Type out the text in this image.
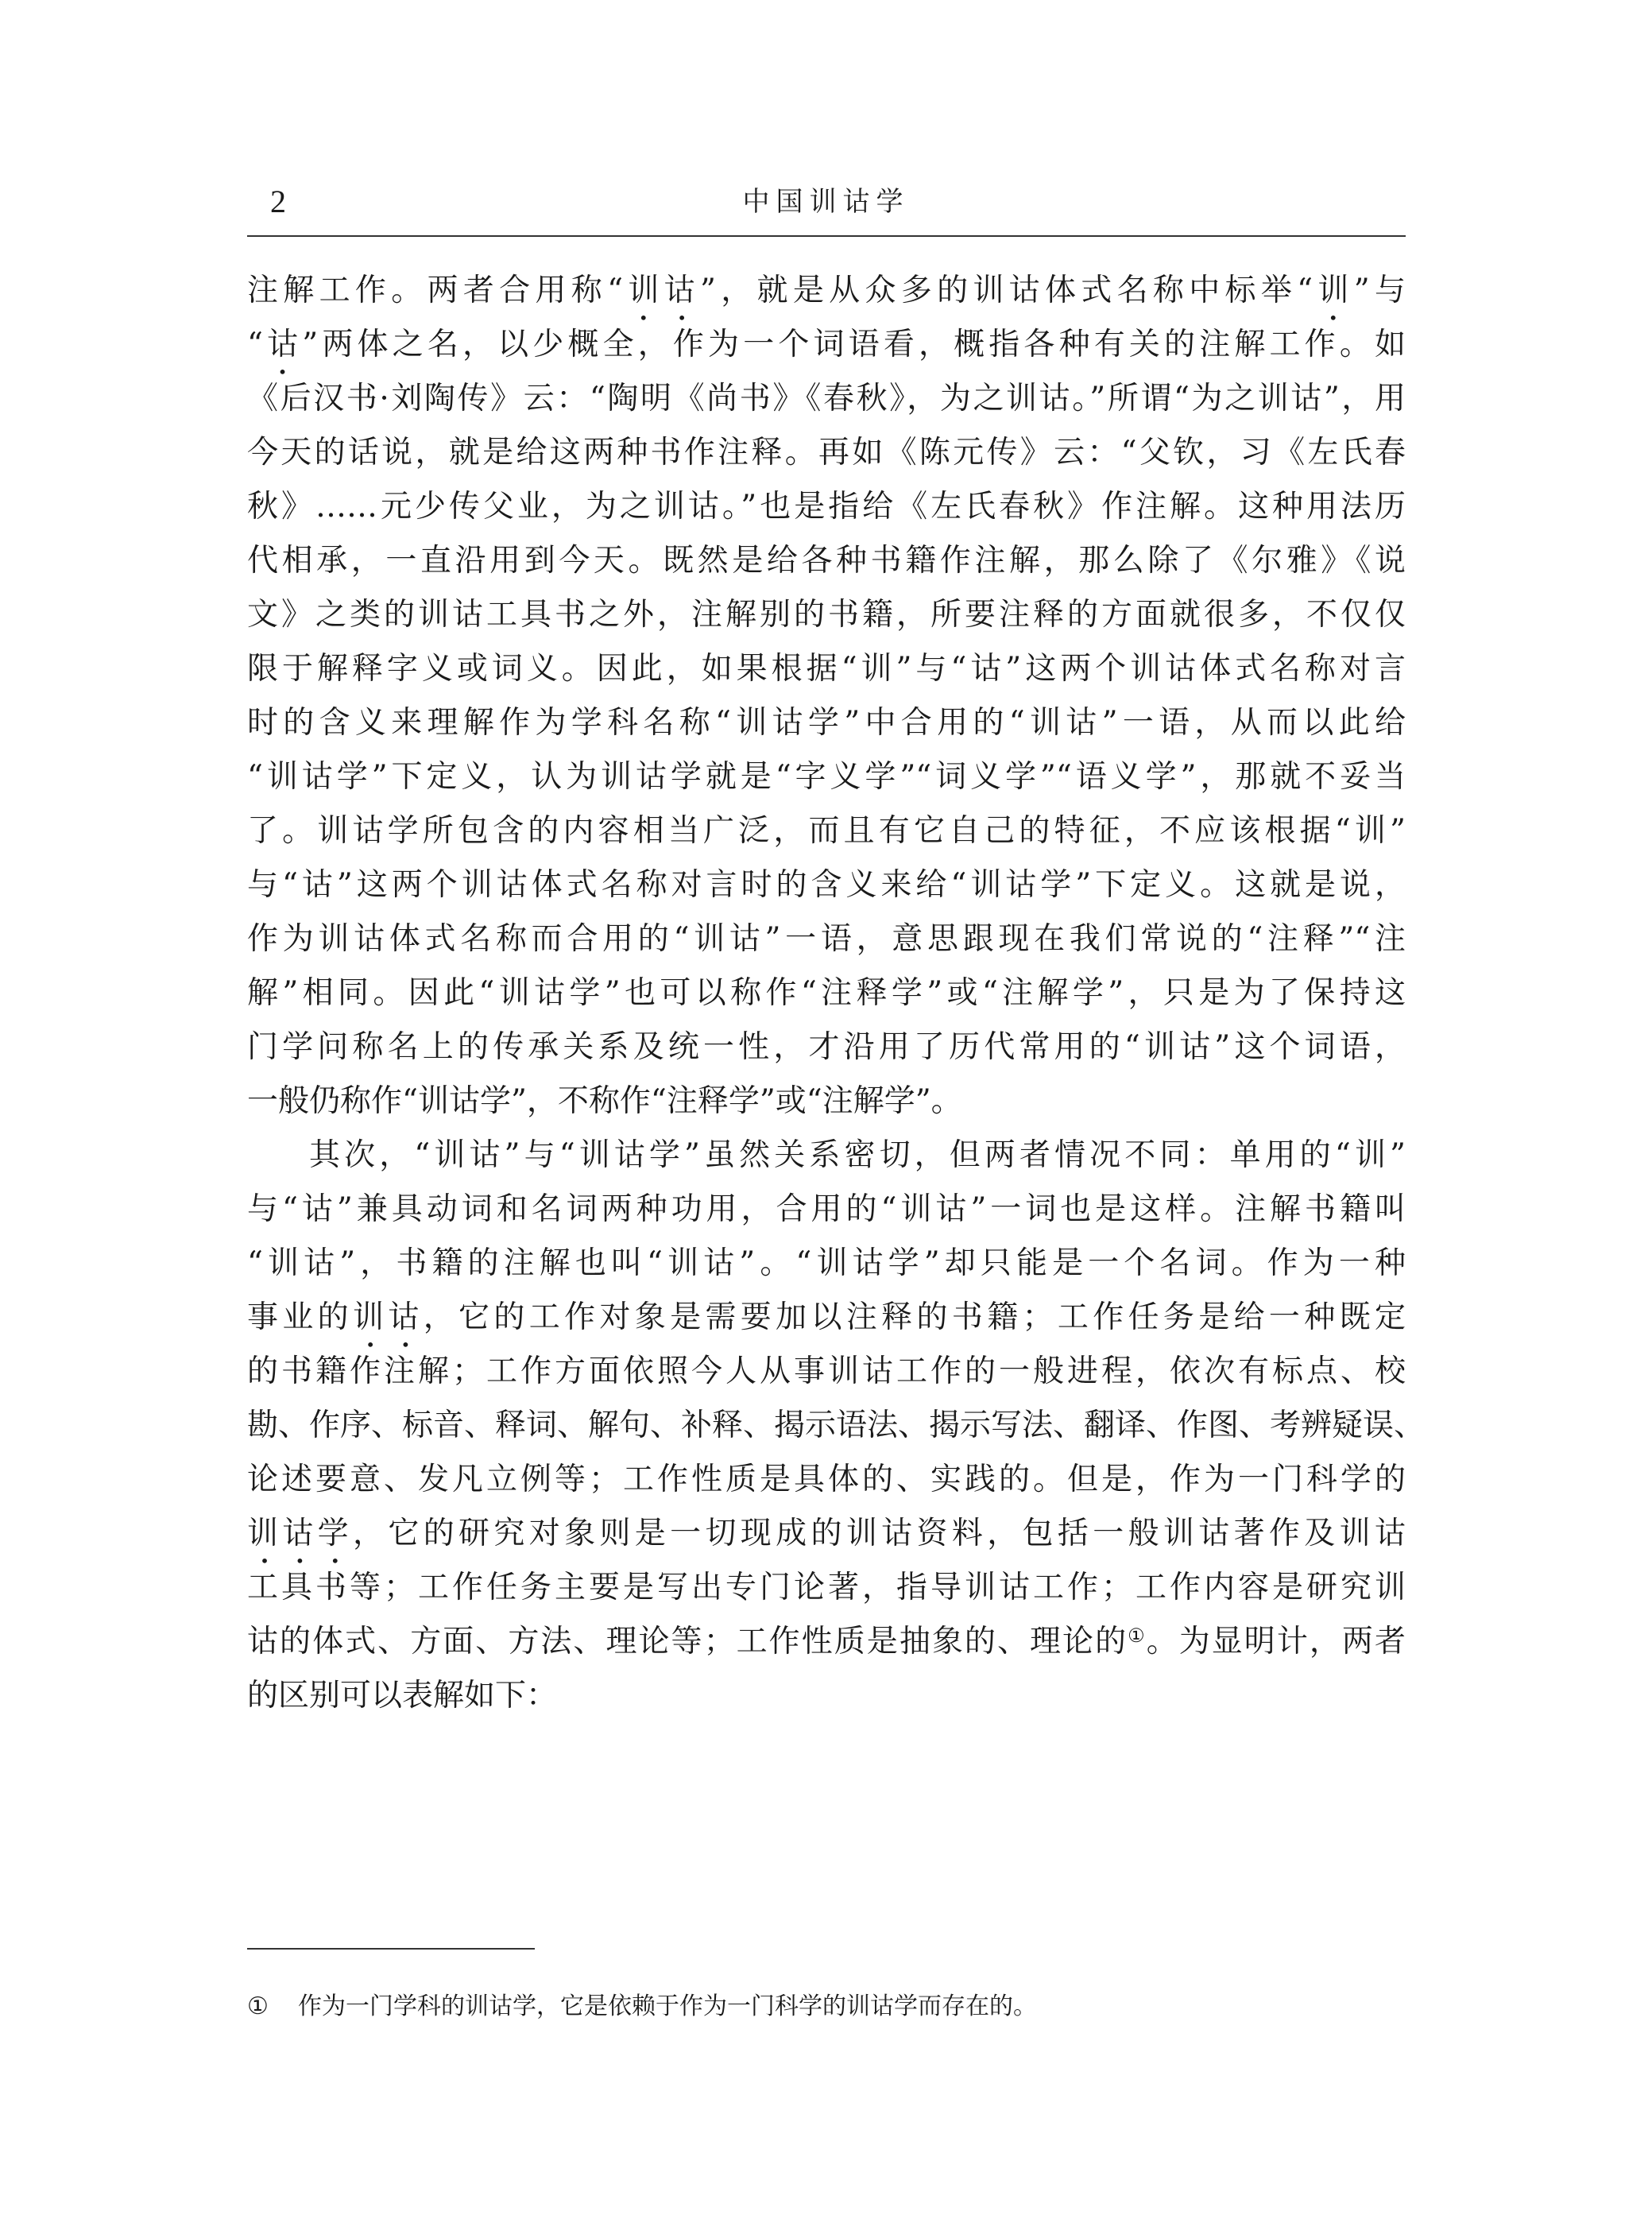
2	中国训诂学
注解工作。两者合用称“训诂”，就是从众多的训诂体式名称中标举“训”与
“诂”两体之名，以少概全，作为一个词语看，概指各种有关的注解工作。如
《后汉书·刘陶传》云：“陶明《尚书》《春秋》，为之训诂。”所谓“为之训诂”，用
今天的话说，就是给这两种书作注释。再如《陈元传》云：“父钦，习《左氏春
秋》……元少传父业，为之训诂。”也是指给《左氏春秋》作注解。这种用法历
代相承，一直沿用到今天。既然是给各种书籍作注解，那么除了《尔雅》《说
文》之类的训诂工具书之外，注解别的书籍，所要注释的方面就很多，不仅仅
限于解释字义或词义。因此，如果根据“训”与“诂”这两个训诂体式名称对言
时的含义来理解作为学科名称“训诂学”中合用的“训诂”一语，从而以此给
“训诂学”下定义，认为训诂学就是“字义学”“词义学”“语义学”，那就不妥当
了。训诂学所包含的内容相当广泛，而且有它自己的特征，不应该根据“训”
与“诂”这两个训诂体式名称对言时的含义来给“训诂学”下定义。这就是说，
作为训诂体式名称而合用的“训诂”一语，意思跟现在我们常说的“注释”“注
解”相同。因此“训诂学”也可以称作“注释学”或“注解学”，只是为了保持这
门学问称名上的传承关系及统一性，才沿用了历代常用的“训诂”这个词语，
一般仍称作“训诂学”，不称作“注释学”或“注解学”。
其次，“训诂”与“训诂学”虽然关系密切，但两者情况不同：单用的“训”
与“诂”兼具动词和名词两种功用，合用的“训诂”一词也是这样。注解书籍叫
“训诂”，书籍的注解也叫“训诂”。“训诂学”却只能是一个名词。作为一种
事业的训诂，它的工作对象是需要加以注释的书籍；工作任务是给一种既定
的书籍作注解；工作方面依照今人从事训诂工作的一般进程，依次有标点、校
勘、作序、标音、释词、解句、补释、揭示语法、揭示写法、翻译、作图、考辨疑误、
论述要意、发凡立例等；工作性质是具体的、实践的。但是，作为一门科学的
训诂学，它的研究对象则是一切现成的训诂资料，包括一般训诂著作及训诂
工具书等；工作任务主要是写出专门论著，指导训诂工作；工作内容是研究训
诂的体式、方面、方法、理论等；工作性质是抽象的、理论的①。为显明计，两者
的区别可以表解如下：
① 作为一门学科的训诂学，它是依赖于作为一门科学的训诂学而存在的。
